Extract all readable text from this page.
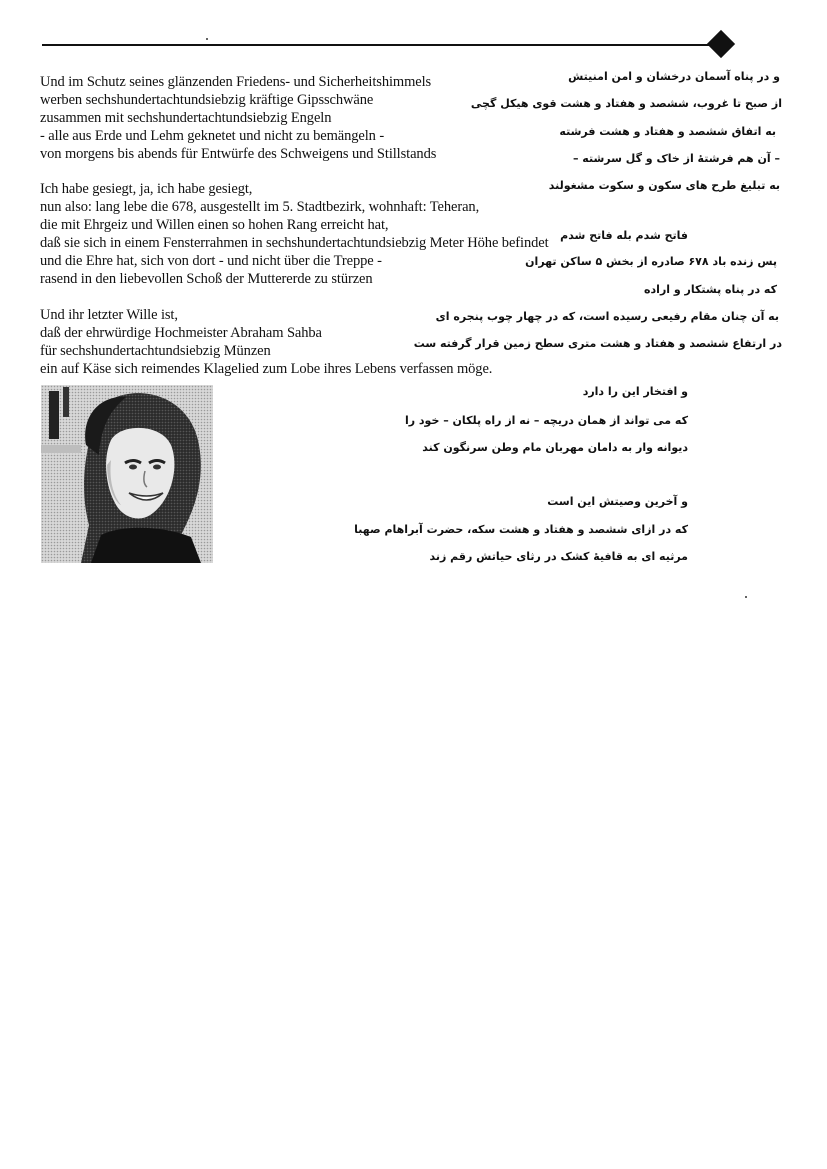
Und im Schutz seines glänzenden Friedens- und Sicherheitshimmels
werben sechshundertachtundsiebzig kräftige Gipsschwäne
zusammen mit sechshundertachtundsiebzig Engeln
- alle aus Erde und Lehm geknetet und nicht zu bemängeln -
von morgens bis abends für Entwürfe des Schweigens und Stillstands
Ich habe gesiegt, ja, ich habe gesiegt,
nun also: lang lebe die 678, ausgestellt im 5. Stadtbezirk, wohnhaft: Teheran,
die mit Ehrgeiz und Willen einen so hohen Rang erreicht hat,
daß sie sich in einem Fensterrahmen in sechshundertachtundsiebzig Meter Höhe befindet
und die Ehre hat, sich von dort - und nicht über die Treppe -
rasend in den liebevollen Schoß der Muttererde zu stürzen
Und ihr letzter Wille ist,
daß der ehrwürdige Hochmeister Abraham Sahba
für sechshundertachtundsiebzig Münzen
ein auf Käse sich reimendes Klagelied zum Lobe ihres Lebens verfassen möge.
و در پناه آسمان درخشان و امن امنیتش
از صبح تا غروب، ششصد و هفتاد و هشت قوی هیکل گچی
به اتفاق ششصد و هفتاد و هشت فرشته
– آن هم فرشتهٔ از خاک و گل سرشته –
به تبلیغ طرح های سکون و سکوت مشغولند
فاتح شدم بله فاتح شدم
پس زنده باد ۶۷۸ صادره از بخش ۵ ساکن تهران
که در پناه پشتکار و اراده
به آن چنان مقام رفیعی رسیده است، که در چهار چوب پنجره ای
در ارتفاع ششصد و هفتاد و هشت متری سطح زمین قرار گرفته ست
و افتخار این را دارد
که می تواند از همان دریچه – نه از راه پلکان – خود را
دیوانه وار به دامان مهربان مام وطن سرنگون کند
و آخرین وصیتش این است
که در ازای ششصد و هفتاد و هشت سکه، حضرت آبراهام صهبا
مرثیه ای به قافیهٔ کشک در رثای حیاتش رقم زند
